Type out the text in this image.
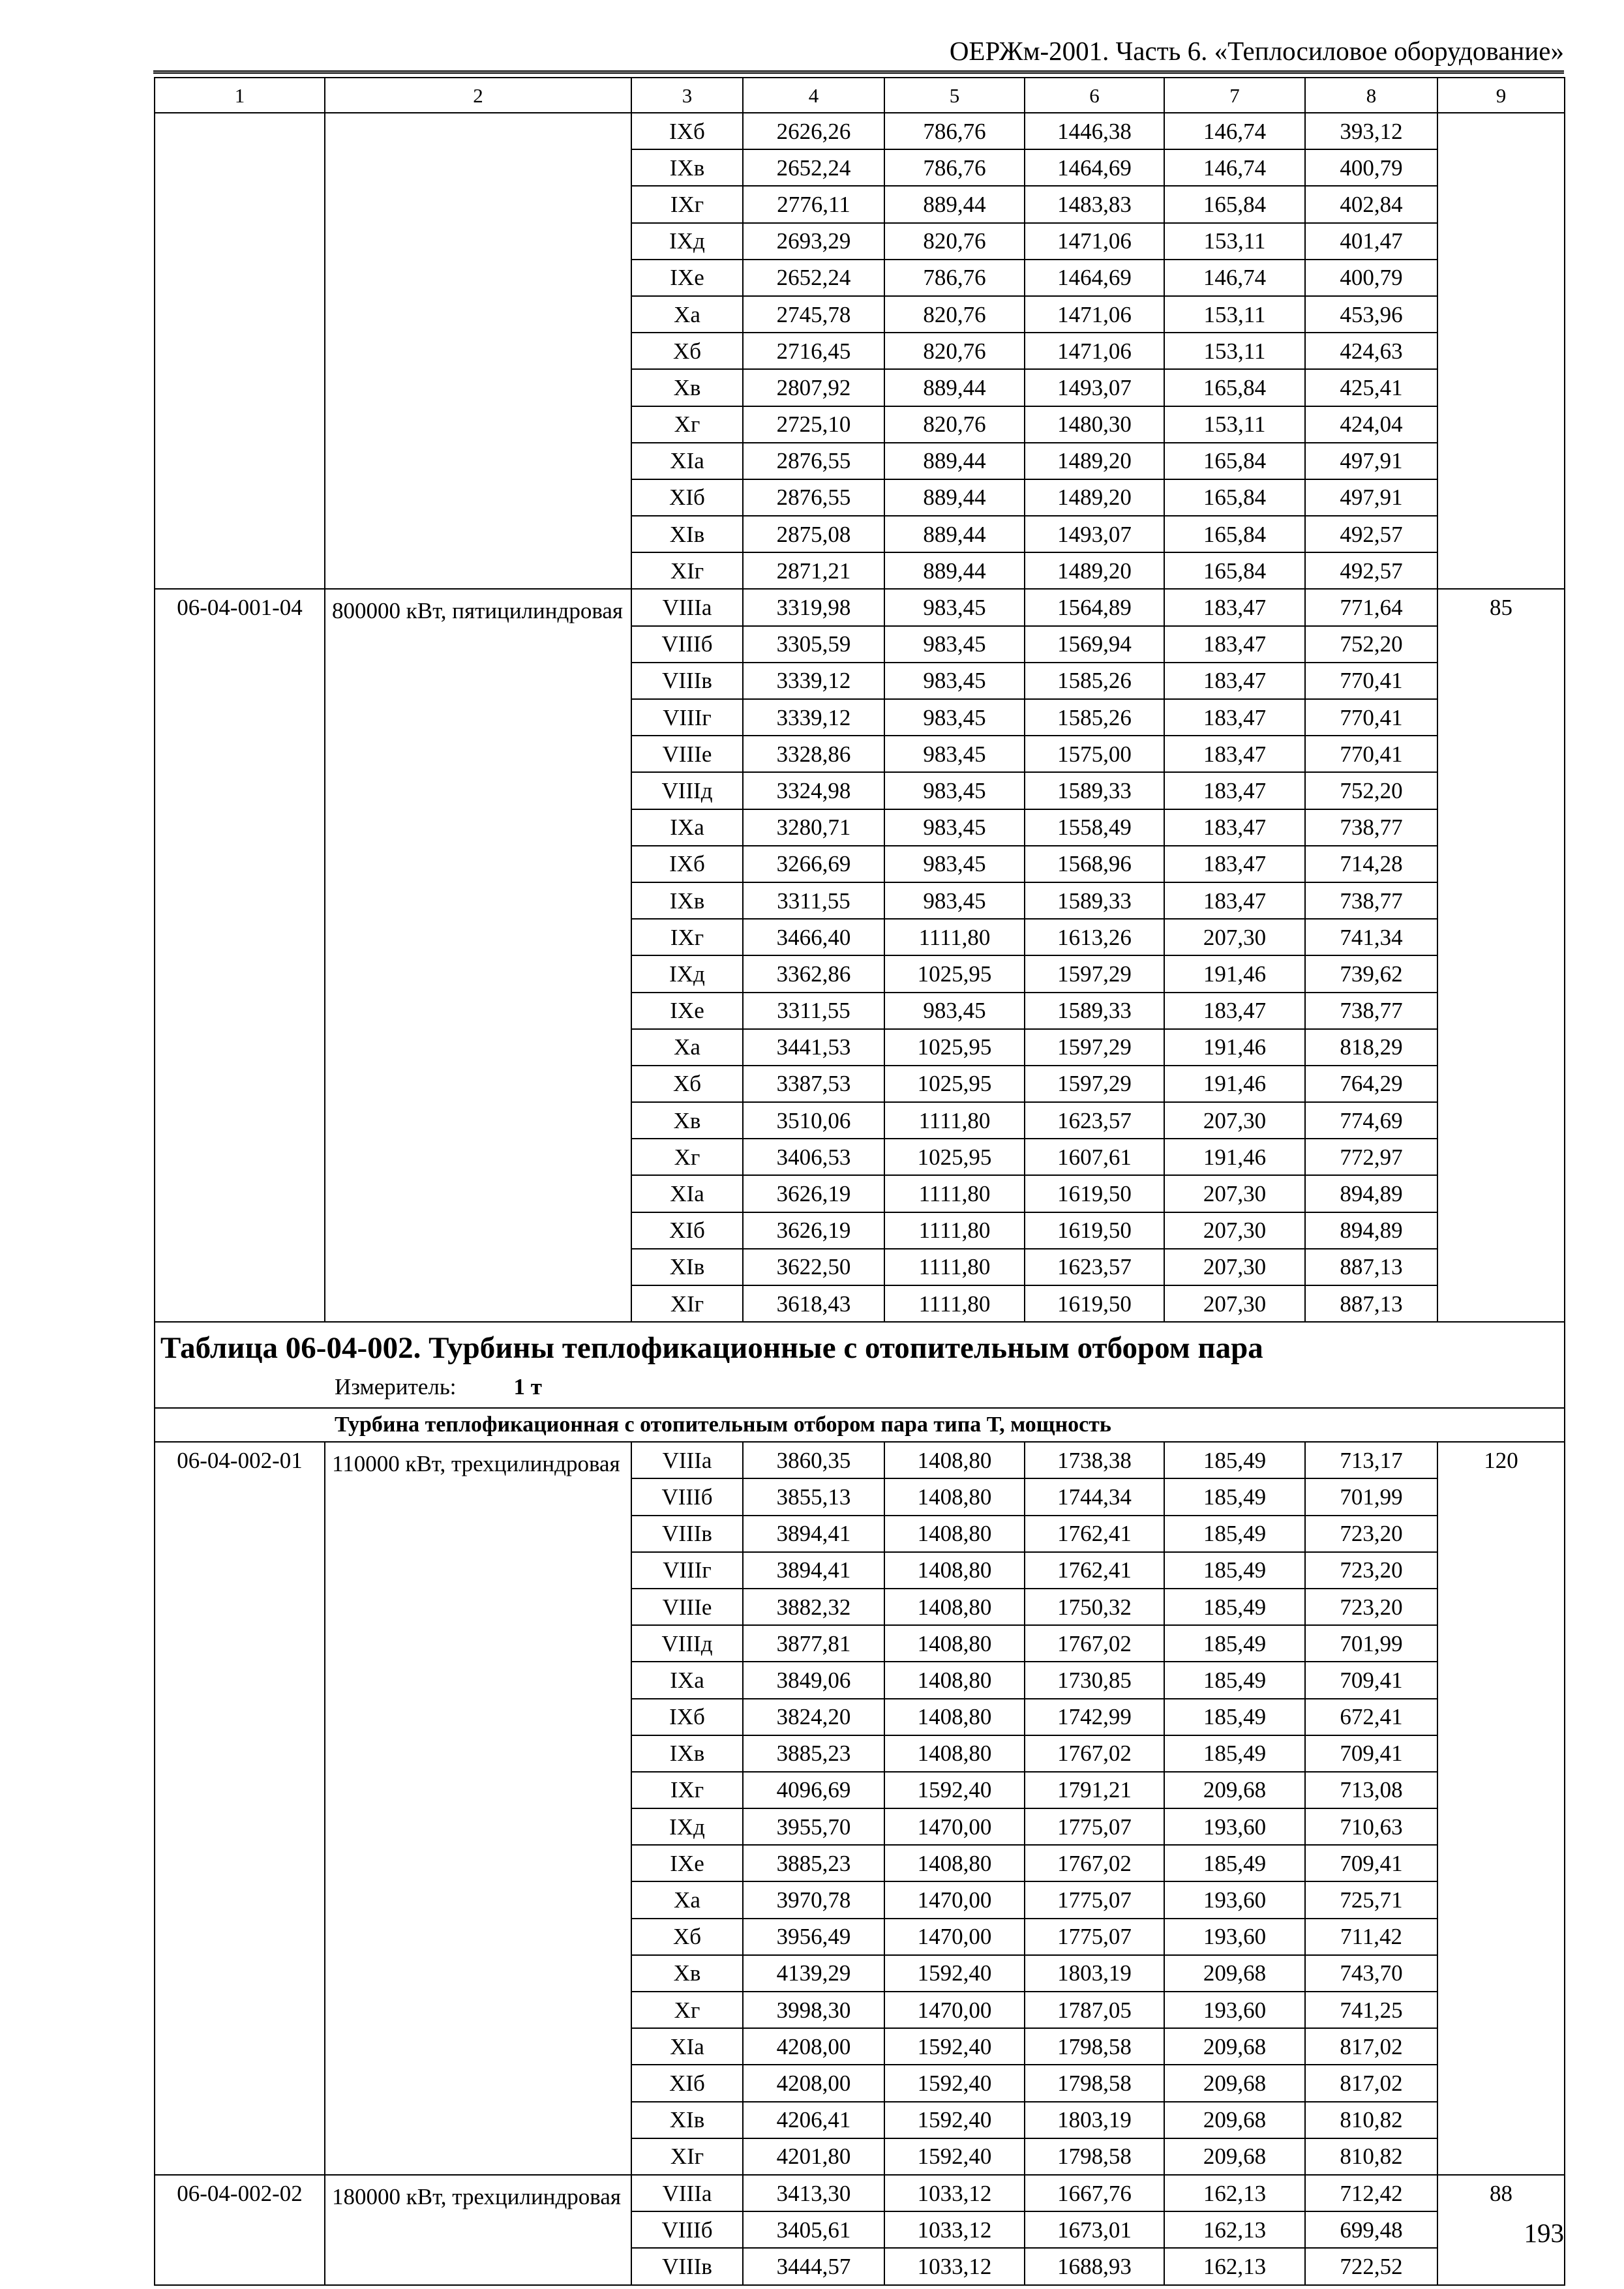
ОЕРЖм-2001. Часть 6. «Теплосиловое оборудование»
1	2	3	4	5	6	7	8	9
		IXб	2626,26	786,76	1446,38	146,74	393,12	
		IXв	2652,24	786,76	1464,69	146,74	400,79	
		IXг	2776,11	889,44	1483,83	165,84	402,84	
		IXд	2693,29	820,76	1471,06	153,11	401,47	
		IXе	2652,24	786,76	1464,69	146,74	400,79	
		Xа	2745,78	820,76	1471,06	153,11	453,96	
		Xб	2716,45	820,76	1471,06	153,11	424,63	
		Xв	2807,92	889,44	1493,07	165,84	425,41	
		Xг	2725,10	820,76	1480,30	153,11	424,04	
		XIа	2876,55	889,44	1489,20	165,84	497,91	
		XIб	2876,55	889,44	1489,20	165,84	497,91	
		XIв	2875,08	889,44	1493,07	165,84	492,57	
		XIг	2871,21	889,44	1489,20	165,84	492,57	
06-04-001-04	800000 кВт, пятицилиндровая	VIIIа	3319,98	983,45	1564,89	183,47	771,64	85
		VIIIб	3305,59	983,45	1569,94	183,47	752,20	
		VIIIв	3339,12	983,45	1585,26	183,47	770,41	
		VIIIг	3339,12	983,45	1585,26	183,47	770,41	
		VIIIе	3328,86	983,45	1575,00	183,47	770,41	
		VIIIд	3324,98	983,45	1589,33	183,47	752,20	
		IXа	3280,71	983,45	1558,49	183,47	738,77	
		IXб	3266,69	983,45	1568,96	183,47	714,28	
		IXв	3311,55	983,45	1589,33	183,47	738,77	
		IXг	3466,40	1111,80	1613,26	207,30	741,34	
		IXд	3362,86	1025,95	1597,29	191,46	739,62	
		IXе	3311,55	983,45	1589,33	183,47	738,77	
		Xа	3441,53	1025,95	1597,29	191,46	818,29	
		Xб	3387,53	1025,95	1597,29	191,46	764,29	
		Xв	3510,06	1111,80	1623,57	207,30	774,69	
		Xг	3406,53	1025,95	1607,61	191,46	772,97	
		XIа	3626,19	1111,80	1619,50	207,30	894,89	
		XIб	3626,19	1111,80	1619,50	207,30	894,89	
		XIв	3622,50	1111,80	1623,57	207,30	887,13	
		XIг	3618,43	1111,80	1619,50	207,30	887,13	

Таблица 06-04-002. Турбины теплофикационные с отопительным отбором пара
Измеритель: 1 т								

Турбина теплофикационная с отопительным отбором пара типа Т, мощность								
06-04-002-01	110000 кВт, трехцилиндровая	VIIIа	3860,35	1408,80	1738,38	185,49	713,17	120
		VIIIб	3855,13	1408,80	1744,34	185,49	701,99	
		VIIIв	3894,41	1408,80	1762,41	185,49	723,20	
		VIIIг	3894,41	1408,80	1762,41	185,49	723,20	
		VIIIе	3882,32	1408,80	1750,32	185,49	723,20	
		VIIIд	3877,81	1408,80	1767,02	185,49	701,99	
		IXа	3849,06	1408,80	1730,85	185,49	709,41	
		IXб	3824,20	1408,80	1742,99	185,49	672,41	
		IXв	3885,23	1408,80	1767,02	185,49	709,41	
		IXг	4096,69	1592,40	1791,21	209,68	713,08	
		IXд	3955,70	1470,00	1775,07	193,60	710,63	
		IXе	3885,23	1408,80	1767,02	185,49	709,41	
		Xа	3970,78	1470,00	1775,07	193,60	725,71	
		Xб	3956,49	1470,00	1775,07	193,60	711,42	
		Xв	4139,29	1592,40	1803,19	209,68	743,70	
		Xг	3998,30	1470,00	1787,05	193,60	741,25	
		XIа	4208,00	1592,40	1798,58	209,68	817,02	
		XIб	4208,00	1592,40	1798,58	209,68	817,02	
		XIв	4206,41	1592,40	1803,19	209,68	810,82	
		XIг	4201,80	1592,40	1798,58	209,68	810,82	
06-04-002-02	180000 кВт, трехцилиндровая	VIIIа	3413,30	1033,12	1667,76	162,13	712,42	88
		VIIIб	3405,61	1033,12	1673,01	162,13	699,48	
		VIIIв	3444,57	1033,12	1688,93	162,13	722,52	
193
